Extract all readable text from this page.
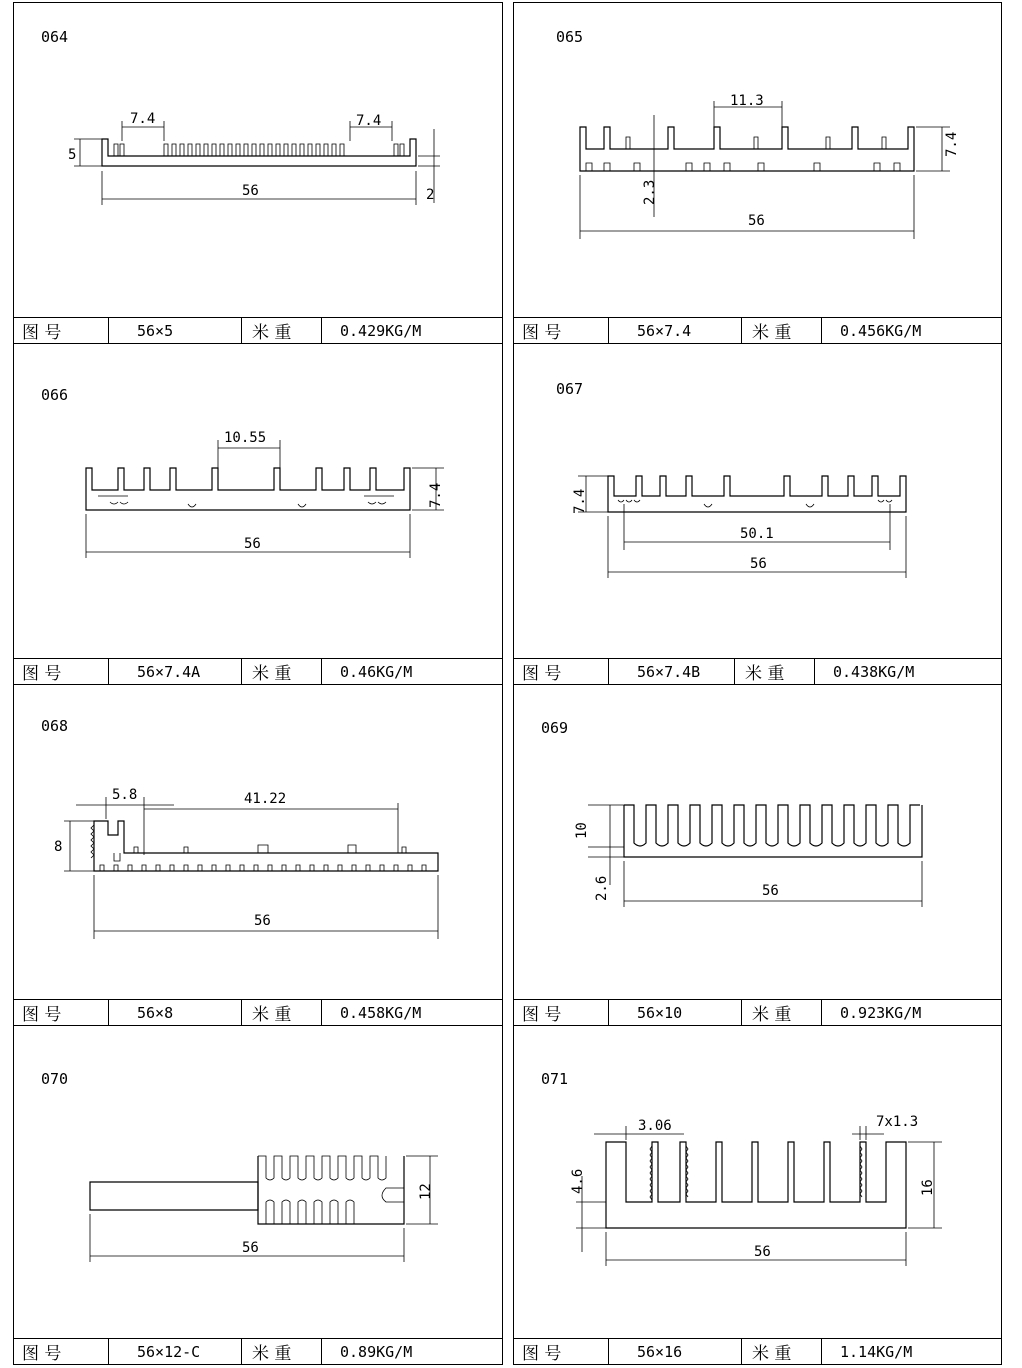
064
7.4	7.4
5
56	2
图 号	56×5	米 重	0.429KG/M
065
11.3
7.4
2.3
56
图 号	56×7.4	米 重	0.456KG/M
066
10.55
7.4
56
图 号	56×7.4A	米 重	0.46KG/M
067
7.4
50.1
56
图 号	56×7.4B	米 重	0.438KG/M
068
5.8	41.22
8
56
图 号	56×8	米 重	0.458KG/M
069
10
2.6	56
图 号	56×10	米 重	0.923KG/M
070
12
56
图 号	56×12-C	米 重	0.89KG/M
071
3.06	7x1.3
4.6	16
56
图 号	56×16	米 重	1.14KG/M
